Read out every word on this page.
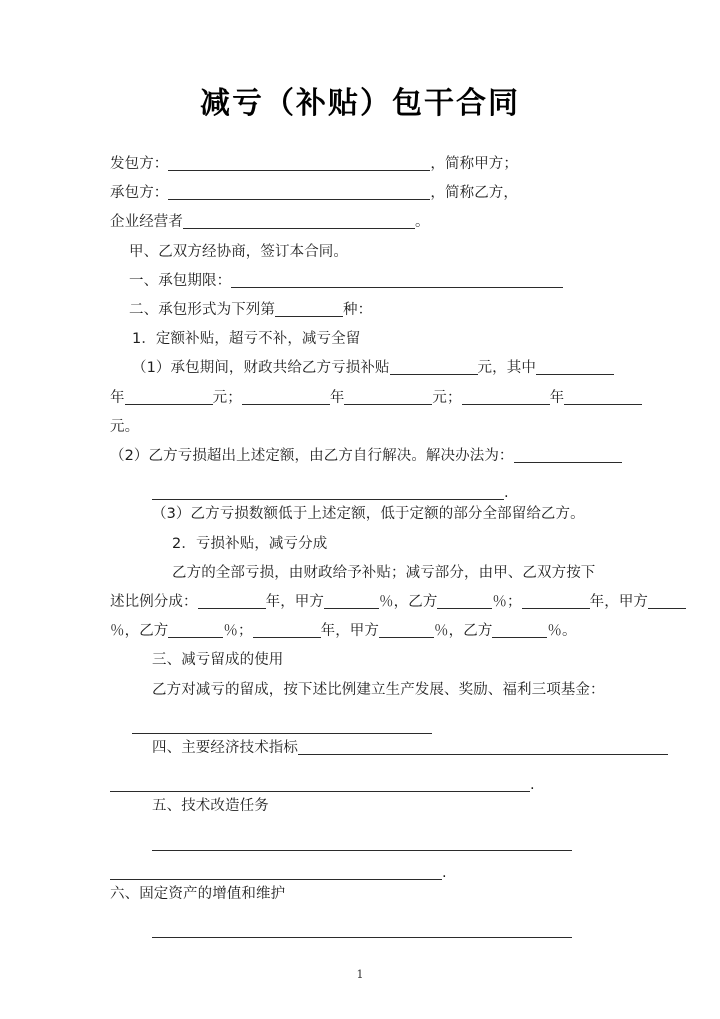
减亏（补贴）包干合同
发包方：	，简称甲方；
承包方：	，简称乙方，
企业经营者	。
甲、乙双方经协商，签订本合同。
一、承包期限：
二、承包形式为下列第	种：
1．定额补贴，超亏不补，减亏全留
（1）承包期间，财政共给乙方亏损补贴	元，其中
年	元；	年	元；	年
元。
（2）乙方亏损超出上述定额，由乙方自行解决。解决办法为：
.
（3）乙方亏损数额低于上述定额，低于定额的部分全部留给乙方。
2．亏损补贴，减亏分成
乙方的全部亏损，由财政给予补贴；减亏部分，由甲、乙双方按下
述比例分成：	年，甲方	％，乙方	％；	年，甲方
％，乙方	％；	年，甲方	％，乙方	％。
三、减亏留成的使用
乙方对减亏的留成，按下述比例建立生产发展、奖励、福利三项基金：
四、主要经济技术指标
.
五、技术改造任务
.
六、固定资产的增值和维护
1
